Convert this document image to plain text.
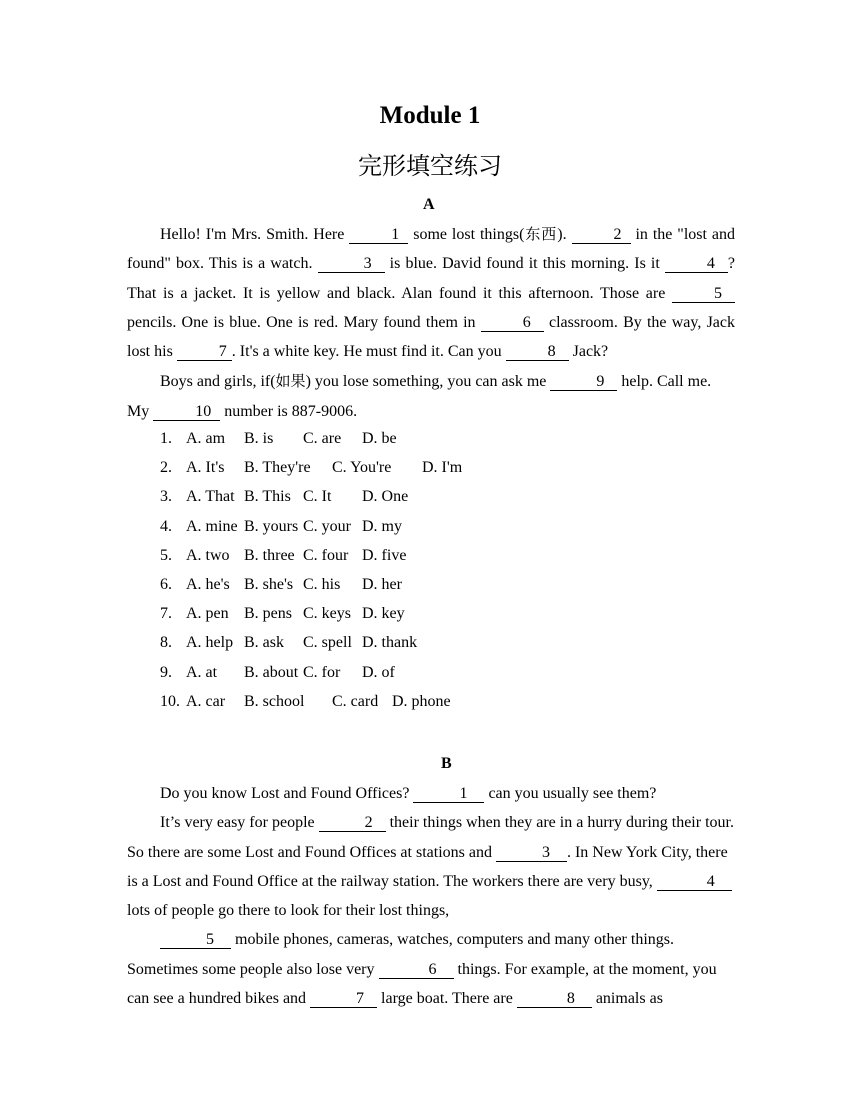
Module 1
完形填空练习
A

Hello! I'm Mrs. Smith. Here	1   some lost things(东西).	2   in the "lost and found" box. This is a watch.	3    is blue. David found it this morning. Is it	4 ? That is a jacket. It is yellow and black. Alan found it this afternoon. Those are	5    pencils. One is blue. One is red. Mary found them in	6    classroom. By the way, Jack lost his	7 . It's a white key. He must find it. Can you	8    Jack?

Boys and girls, if(如果) you lose something, you can ask me	9    help. Call me. My	10   number is 887-9006.

1. A. am B. is C. are D. be
2. A. It's B. They're C. You're D. I'm
3. A. That B. This C. It D. One
4. A. mine B. yours C. your D. my
5. A. two B. three C. four D. five
6. A. he's B. she's C. his D. her
7. A. pen B. pens C. keys D. key
8. A. help B. ask C. spell D. thank
9. A. at B. about C. for D. of
10. A. car B. school C. card D. phone
B

Do you know Lost and Found Offices?	1     can you usually see them?

It’s very easy for people	2    their things when they are in a hurry during their tour. So there are some Lost and Found Offices at stations and	3 . In New York City, there is a Lost and Found Office at the railway station. The workers there are very busy,	4     lots of people go there to look for their lost things,

5     mobile phones, cameras, watches, computers and many other things. Sometimes some people also lose very	6     things. For example, at the moment, you can see a hundred bikes and	7    large boat. There are	8     animals as
